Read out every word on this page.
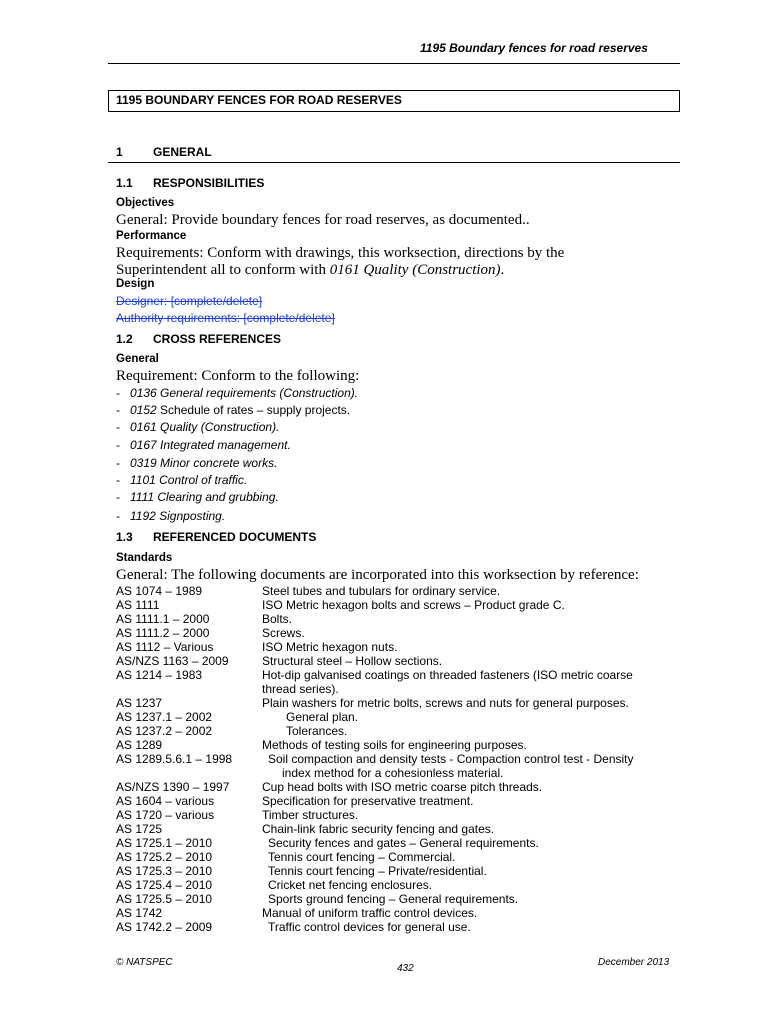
1195 Boundary fences for road reserves
1195 BOUNDARY FENCES FOR ROAD RESERVES
1	GENERAL
1.1 RESPONSIBILITIES
Objectives
General: Provide boundary fences for road reserves, as documented..
Performance
Requirements: Conform with drawings, this worksection, directions by the
Superintendent all to conform with 0161 Quality (Construction).
Design
Designer: [complete/delete]
Authority requirements: [complete/delete]
1.2 CROSS REFERENCES
General
Requirement: Conform to the following:
-   0136 General requirements (Construction).
-   0152 Schedule of rates – supply projects.
-   0161 Quality (Construction).
-   0167 Integrated management.
-   0319 Minor concrete works.
-   1101 Control of traffic.
-   1111 Clearing and grubbing.
-   1192 Signposting.
1.3 REFERENCED DOCUMENTS
Standards
General: The following documents are incorporated into this worksection by reference:
AS 1074 – 1989	Steel tubes and tubulars for ordinary service.
AS 1111	ISO Metric hexagon bolts and screws – Product grade C.
AS 1111.1 – 2000	Bolts.
AS 1111.2 – 2000	Screws.
AS 1112 – Various	ISO Metric hexagon nuts.
AS/NZS 1163 – 2009	Structural steel – Hollow sections.
AS 1214 – 1983	Hot-dip galvanised coatings on threaded fasteners (ISO metric coarse
thread series).
AS 1237	Plain washers for metric bolts, screws and nuts for general purposes.
AS 1237.1 – 2002	General plan.
AS 1237.2 – 2002	Tolerances.
AS 1289	Methods of testing soils for engineering purposes.
AS 1289.5.6.1 – 1998	Soil compaction and density tests - Compaction control test - Density
index method for a cohesionless material.
AS/NZS 1390 – 1997	Cup head bolts with ISO metric coarse pitch threads.
AS 1604 – various	Specification for preservative treatment.
AS 1720 – various	Timber structures.
AS 1725	Chain-link fabric security fencing and gates.
AS 1725.1 – 2010	Security fences and gates – General requirements.
AS 1725.2 – 2010	Tennis court fencing – Commercial.
AS 1725.3 – 2010	Tennis court fencing – Private/residential.
AS 1725.4 – 2010	Cricket net fencing enclosures.
AS 1725.5 – 2010	Sports ground fencing – General requirements.
AS 1742	Manual of uniform traffic control devices.
AS 1742.2 – 2009	Traffic control devices for general use.
© NATSPEC
432
December 2013
